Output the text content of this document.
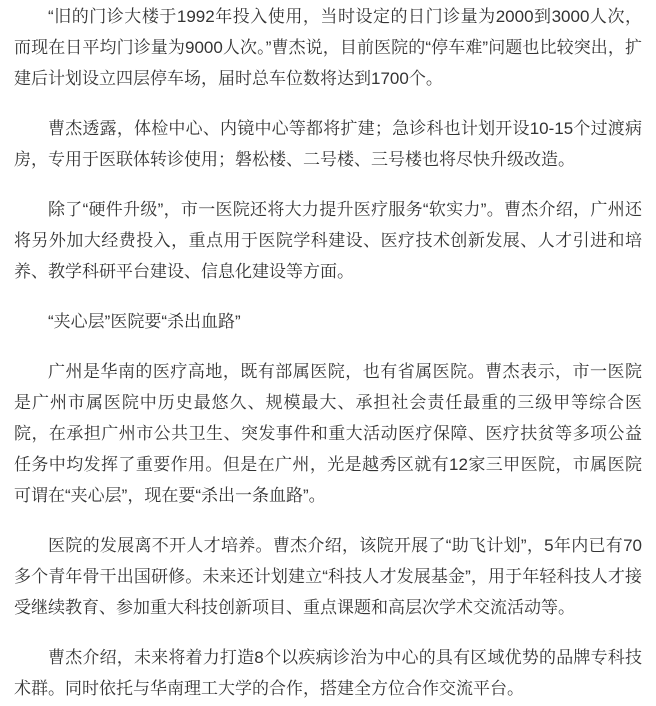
“旧的门诊大楼于1992年投入使用，当时设定的日门诊量为2000到3000人次，而现在日平均门诊量为9000人次。”曹杰说，目前医院的“停车难”问题也比较突出，扩建后计划设立四层停车场，届时总车位数将达到1700个。

曹杰透露，体检中心、内镜中心等都将扩建；急诊科也计划开设10-15个过渡病房，专用于医联体转诊使用；磐松楼、二号楼、三号楼也将尽快升级改造。

除了“硬件升级”，市一医院还将大力提升医疗服务“软实力”。曹杰介绍，广州还将另外加大经费投入，重点用于医院学科建设、医疗技术创新发展、人才引进和培养、教学科研平台建设、信息化建设等方面。

“夹心层”医院要“杀出血路”

广州是华南的医疗高地，既有部属医院，也有省属医院。曹杰表示，市一医院是广州市属医院中历史最悠久、规模最大、承担社会责任最重的三级甲等综合医院，在承担广州市公共卫生、突发事件和重大活动医疗保障、医疗扶贫等多项公益任务中均发挥了重要作用。但是在广州，光是越秀区就有12家三甲医院，市属医院可谓在“夹心层”，现在要“杀出一条血路”。

医院的发展离不开人才培养。曹杰介绍，该院开展了“助飞计划”，5年内已有70多个青年骨干出国研修。未来还计划建立“科技人才发展基金”，用于年轻科技人才接受继续教育、参加重大科技创新项目、重点课题和高层次学术交流活动等。

曹杰介绍，未来将着力打造8个以疾病诊治为中心的具有区域优势的品牌专科技术群。同时依托与华南理工大学的合作，搭建全方位合作交流平台。
